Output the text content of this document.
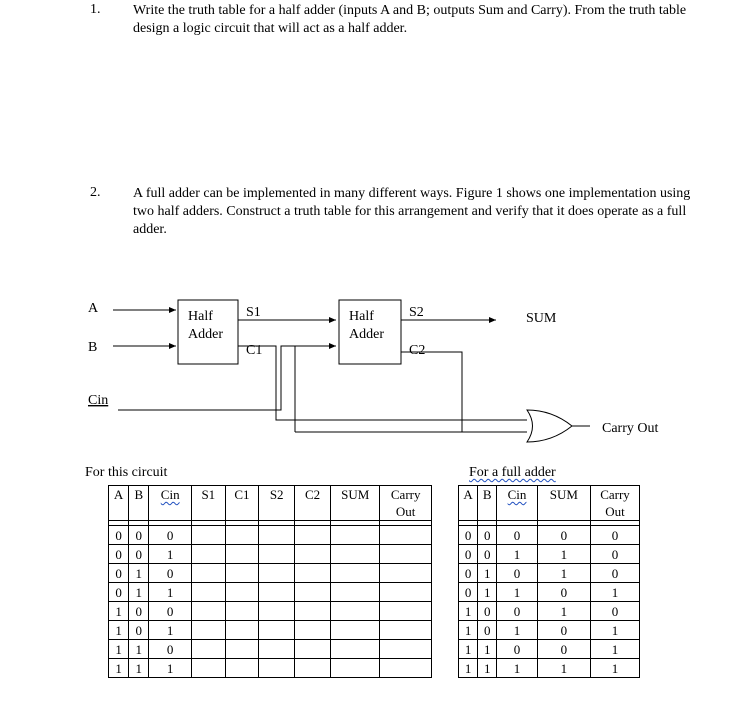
1. Write the truth table for a half adder (inputs A and B; outputs Sum and Carry). From the truth table design a logic circuit that will act as a half adder.
2. A full adder can be implemented in many different ways. Figure 1 shows one implementation using two half adders. Construct a truth table for this arrangement and verify that it does operate as a full adder.
A
B
Cin
Half
Adder
S1
C1
Half
Adder
S2	SUM
C2
Carry Out
For this circuit
A	B	Cin	S1	C1	S2	C2	SUM	Carry
Out

0	0	0						
0	0	1						
0	1	0						
0	1	1						
1	0	0						
1	0	1						
1	1	0						
1	1	1						
For a full adder
A	B	Cin	SUM	Carry
Out

0	0	0	0	0
0	0	1	1	0
0	1	0	1	0
0	1	1	0	1
1	0	0	1	0
1	0	1	0	1
1	1	0	0	1
1	1	1	1	1
